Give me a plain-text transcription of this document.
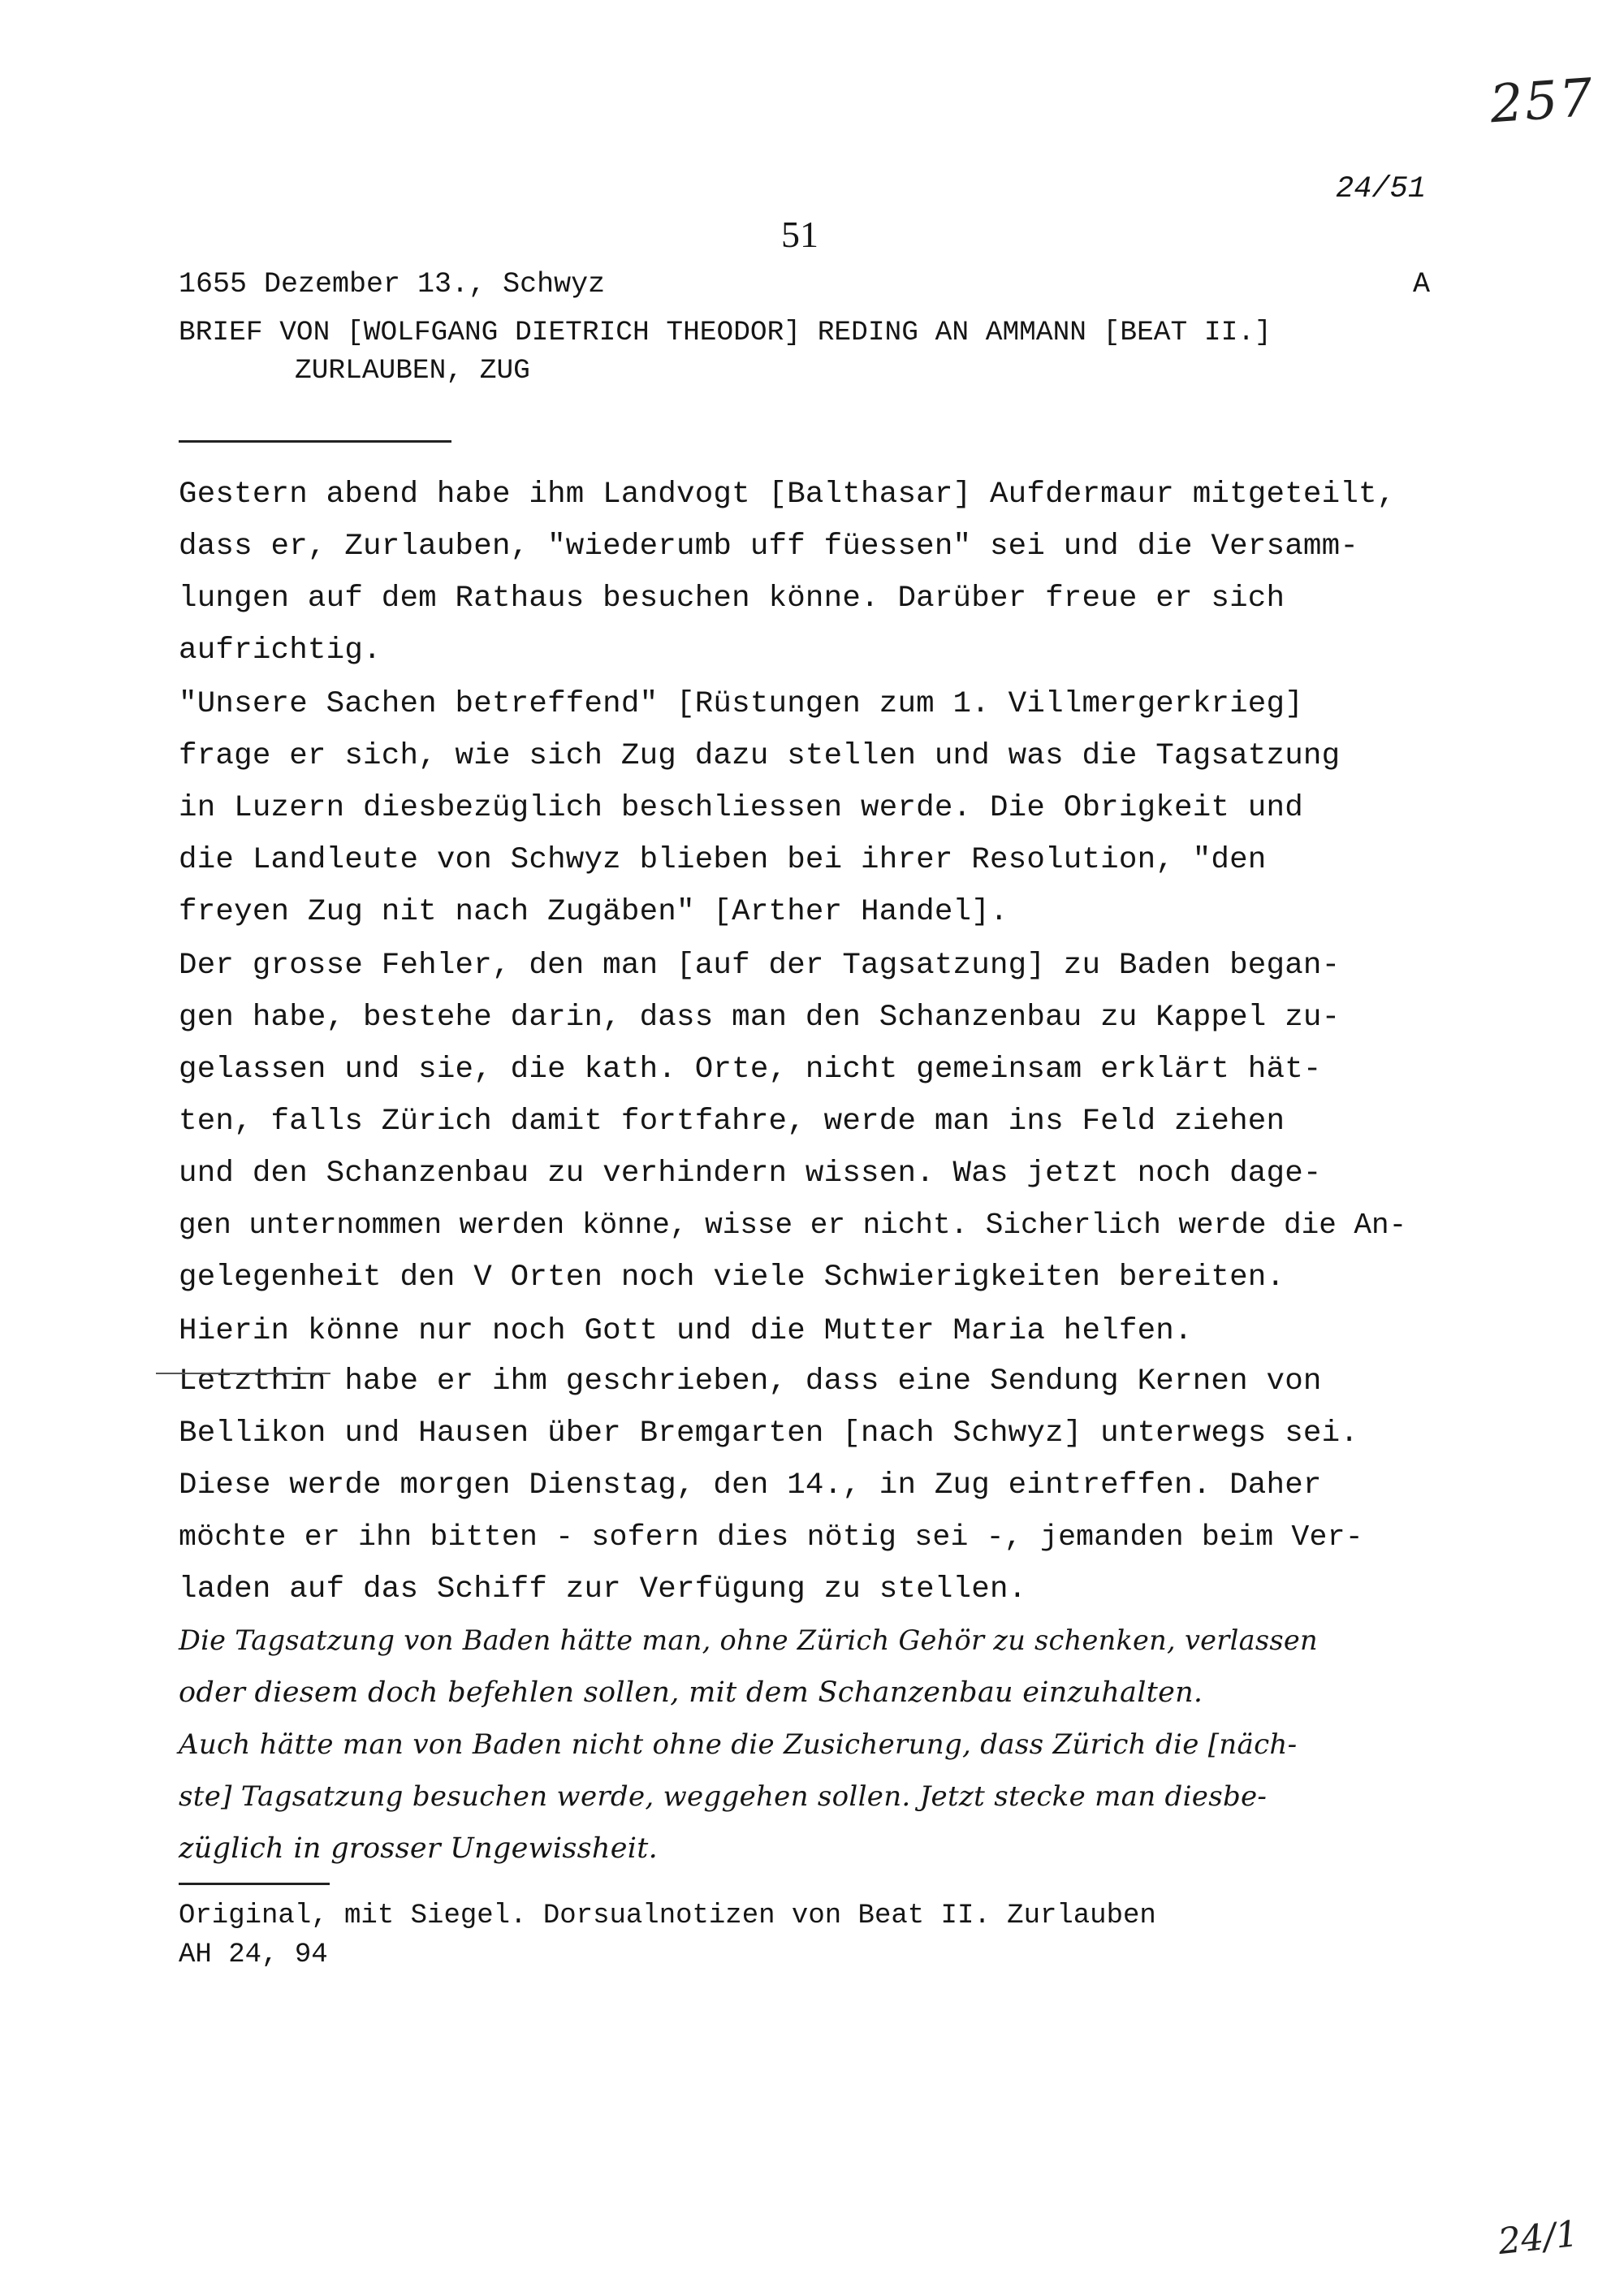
257
24/51
51
1655 Dezember 13., Schwyz	A
BRIEF VON [WOLFGANG DIETRICH THEODOR] REDING AN AMMANN [BEAT II.]
ZURLAUBEN, ZUG
Gestern abend habe ihm Landvogt [Balthasar] Aufdermaur mitgeteilt,
dass er, Zurlauben, "wiederumb uff füessen" sei und die Versamm-
lungen auf dem Rathaus besuchen könne. Darüber freue er sich
aufrichtig.
"Unsere Sachen betreffend" [Rüstungen zum 1. Villmergerkrieg]
frage er sich, wie sich Zug dazu stellen und was die Tagsatzung
in Luzern diesbezüglich beschliessen werde. Die Obrigkeit und
die Landleute von Schwyz blieben bei ihrer Resolution, "den
freyen Zug nit nach Zugäben" [Arther Handel].
Der grosse Fehler, den man [auf der Tagsatzung] zu Baden began-
gen habe, bestehe darin, dass man den Schanzenbau zu Kappel zu-
gelassen und sie, die kath. Orte, nicht gemeinsam erklärt hät-
ten, falls Zürich damit fortfahre, werde man ins Feld ziehen
und den Schanzenbau zu verhindern wissen. Was jetzt noch dage-
gen unternommen werden könne, wisse er nicht. Sicherlich werde die An-
gelegenheit den V Orten noch viele Schwierigkeiten bereiten.
Hierin könne nur noch Gott und die Mutter Maria helfen.
Letzthin habe er ihm geschrieben, dass eine Sendung Kernen von
Bellikon und Hausen über Bremgarten [nach Schwyz] unterwegs sei.
Diese werde morgen Dienstag, den 14., in Zug eintreffen. Daher
möchte er ihn bitten - sofern dies nötig sei -, jemanden beim Ver-
laden auf das Schiff zur Verfügung zu stellen.
Die Tagsatzung von Baden hätte man, ohne Zürich Gehör zu schenken, verlassen
oder diesem doch befehlen sollen, mit dem Schanzenbau einzuhalten.
Auch hätte man von Baden nicht ohne die Zusicherung, dass Zürich die [näch-
ste] Tagsatzung besuchen werde, weggehen sollen. Jetzt stecke man diesbe-
züglich in grosser Ungewissheit.
Original, mit Siegel. Dorsualnotizen von Beat II. Zurlauben
AH 24, 94
24/1
